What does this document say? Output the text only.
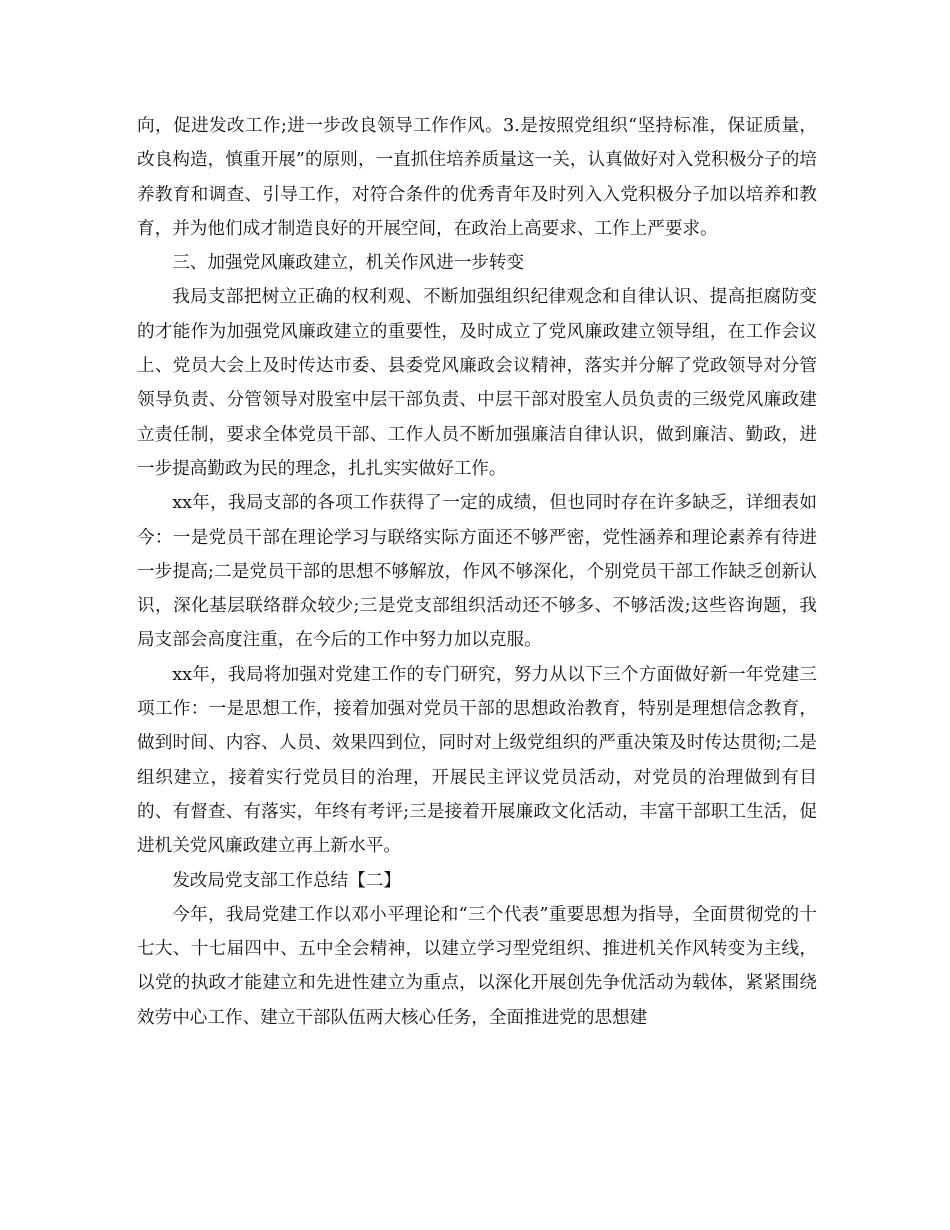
向，促进发改工作;进一步改良领导工作作风。3.是按照党组织“坚持标准，保证质量，改良构造，慎重开展”的原则，一直抓住培养质量这一关，认真做好对入党积极分子的培养教育和调查、引导工作，对符合条件的优秀青年及时列入入党积极分子加以培养和教育，并为他们成才制造良好的开展空间，在政治上高要求、工作上严要求。

三、加强党风廉政建立，机关作风进一步转变

我局支部把树立正确的权利观、不断加强组织纪律观念和自律认识、提高拒腐防变的才能作为加强党风廉政建立的重要性，及时成立了党风廉政建立领导组，在工作会议上、党员大会上及时传达市委、县委党风廉政会议精神，落实并分解了党政领导对分管领导负责、分管领导对股室中层干部负责、中层干部对股室人员负责的三级党风廉政建立责任制，要求全体党员干部、工作人员不断加强廉洁自律认识，做到廉洁、勤政，进一步提高勤政为民的理念，扎扎实实做好工作。

xx年，我局支部的各项工作获得了一定的成绩，但也同时存在许多缺乏，详细表如今：一是党员干部在理论学习与联络实际方面还不够严密，党性涵养和理论素养有待进一步提高;二是党员干部的思想不够解放，作风不够深化，个别党员干部工作缺乏创新认识，深化基层联络群众较少;三是党支部组织活动还不够多、不够活泼;这些咨询题，我局支部会高度注重，在今后的工作中努力加以克服。

xx年，我局将加强对党建工作的专门研究，努力从以下三个方面做好新一年党建三项工作：一是思想工作，接着加强对党员干部的思想政治教育，特别是理想信念教育，做到时间、内容、人员、效果四到位，同时对上级党组织的严重决策及时传达贯彻;二是组织建立，接着实行党员目的治理，开展民主评议党员活动，对党员的治理做到有目的、有督查、有落实，年终有考评;三是接着开展廉政文化活动，丰富干部职工生活，促进机关党风廉政建立再上新水平。

发改局党支部工作总结【二】

今年，我局党建工作以邓小平理论和“三个代表”重要思想为指导，全面贯彻党的十七大、十七届四中、五中全会精神，以建立学习型党组织、推进机关作风转变为主线，以党的执政才能建立和先进性建立为重点，以深化开展创先争优活动为载体，紧紧围绕效劳中心工作、建立干部队伍两大核心任务，全面推进党的思想建
